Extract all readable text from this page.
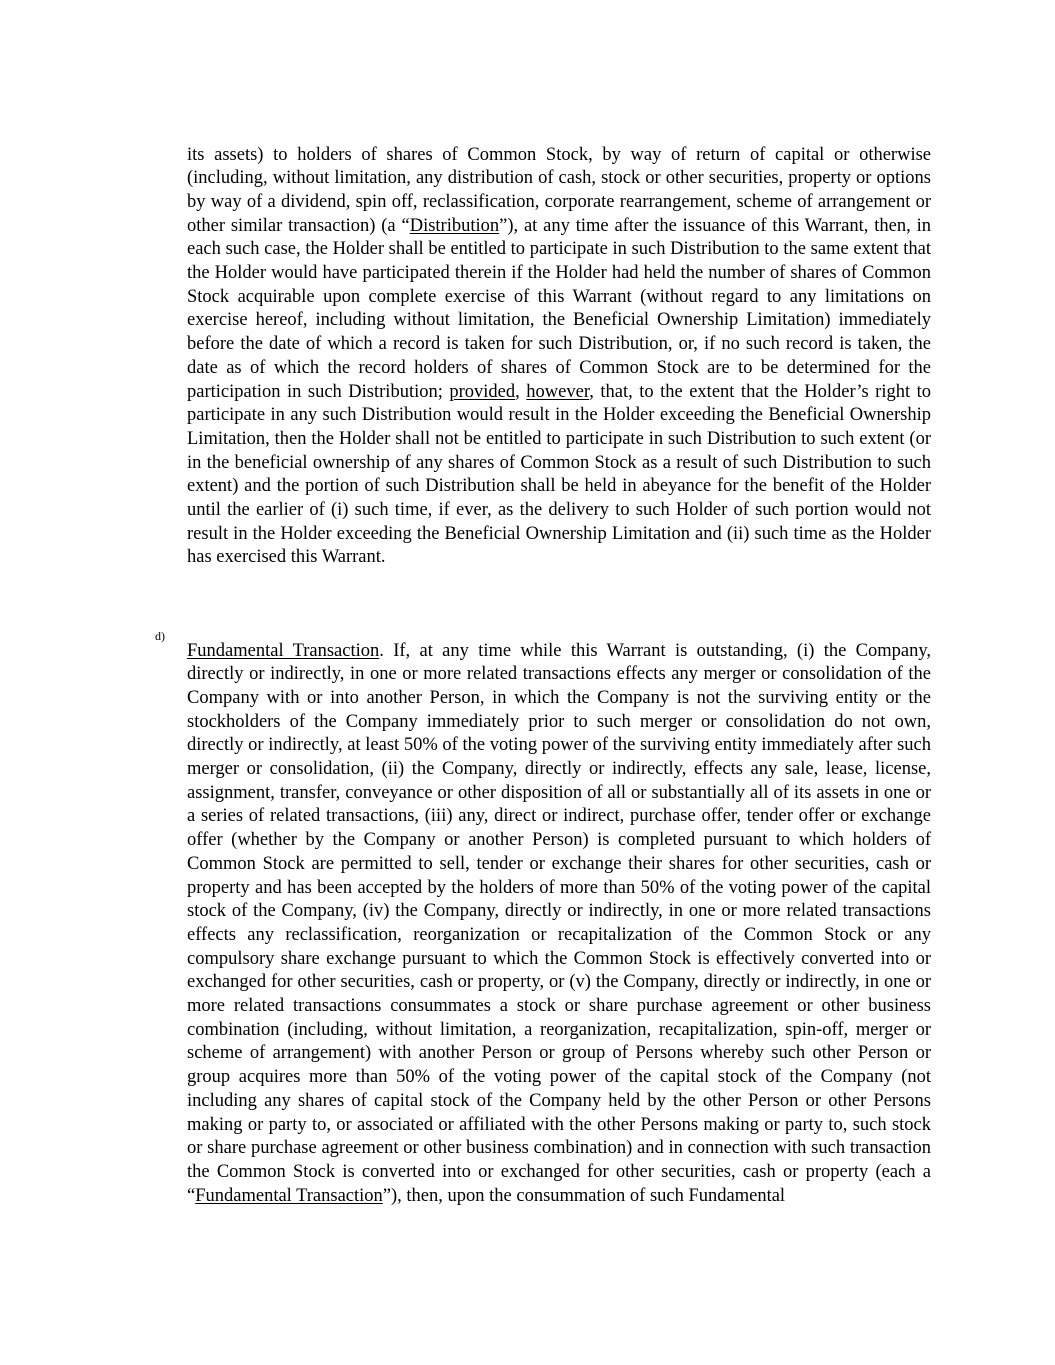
its assets) to holders of shares of Common Stock, by way of return of capital or otherwise (including, without limitation, any distribution of cash, stock or other securities, property or options by way of a dividend, spin off, reclassification, corporate rearrangement, scheme of arrangement or other similar transaction) (a “Distribution”), at any time after the issuance of this Warrant, then, in each such case, the Holder shall be entitled to participate in such Distribution to the same extent that the Holder would have participated therein if the Holder had held the number of shares of Common Stock acquirable upon complete exercise of this Warrant (without regard to any limitations on exercise hereof, including without limitation, the Beneficial Ownership Limitation) immediately before the date of which a record is taken for such Distribution, or, if no such record is taken, the date as of which the record holders of shares of Common Stock are to be determined for the participation in such Distribution; provided, however, that, to the extent that the Holder’s right to participate in any such Distribution would result in the Holder exceeding the Beneficial Ownership Limitation, then the Holder shall not be entitled to participate in such Distribution to such extent (or in the beneficial ownership of any shares of Common Stock as a result of such Distribution to such extent) and the portion of such Distribution shall be held in abeyance for the benefit of the Holder until the earlier of (i) such time, if ever, as the delivery to such Holder of such portion would not result in the Holder exceeding the Beneficial Ownership Limitation and (ii) such time as the Holder has exercised this Warrant.

d)

Fundamental Transaction. If, at any time while this Warrant is outstanding, (i) the Company, directly or indirectly, in one or more related transactions effects any merger or consolidation of the Company with or into another Person, in which the Company is not the surviving entity or the stockholders of the Company immediately prior to such merger or consolidation do not own, directly or indirectly, at least 50% of the voting power of the surviving entity immediately after such merger or consolidation, (ii) the Company, directly or indirectly, effects any sale, lease, license, assignment, transfer, conveyance or other disposition of all or substantially all of its assets in one or a series of related transactions, (iii) any, direct or indirect, purchase offer, tender offer or exchange offer (whether by the Company or another Person) is completed pursuant to which holders of Common Stock are permitted to sell, tender or exchange their shares for other securities, cash or property and has been accepted by the holders of more than 50% of the voting power of the capital stock of the Company, (iv) the Company, directly or indirectly, in one or more related transactions effects any reclassification, reorganization or recapitalization of the Common Stock or any compulsory share exchange pursuant to which the Common Stock is effectively converted into or exchanged for other securities, cash or property, or (v) the Company, directly or indirectly, in one or more related transactions consummates a stock or share purchase agreement or other business combination (including, without limitation, a reorganization, recapitalization, spin-off, merger or scheme of arrangement) with another Person or group of Persons whereby such other Person or group acquires more than 50% of the voting power of the capital stock of the Company (not including any shares of capital stock of the Company held by the other Person or other Persons making or party to, or associated or affiliated with the other Persons making or party to, such stock or share purchase agreement or other business combination) and in connection with such transaction the Common Stock is converted into or exchanged for other securities, cash or property (each a “Fundamental Transaction”), then, upon the consummation of such Fundamental
